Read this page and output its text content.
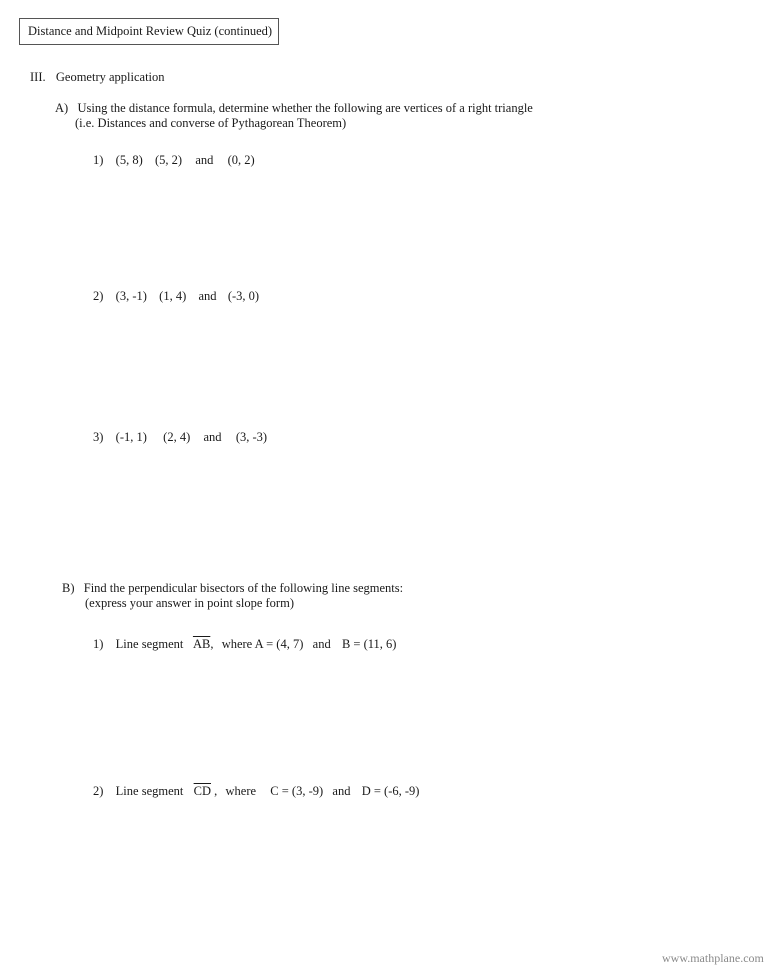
Distance and Midpoint Review Quiz (continued)
III. Geometry application
A) Using the distance formula, determine whether the following are vertices of a right triangle
(i.e. Distances and converse of Pythagorean Theorem)
1) (5, 8) (5, 2) and (0, 2)
2) (3, -1) (1, 4) and (-3, 0)
3) (-1, 1) (2, 4) and (3, -3)
B) Find the perpendicular bisectors of the following line segments:
(express your answer in point slope form)
1) Line segment $\overline{AB}$, where A = (4, 7) and B = (11, 6)
2) Line segment $\overline{CD}$ , where C = (3, -9) and D = (-6, -9)
www.mathplane.com
